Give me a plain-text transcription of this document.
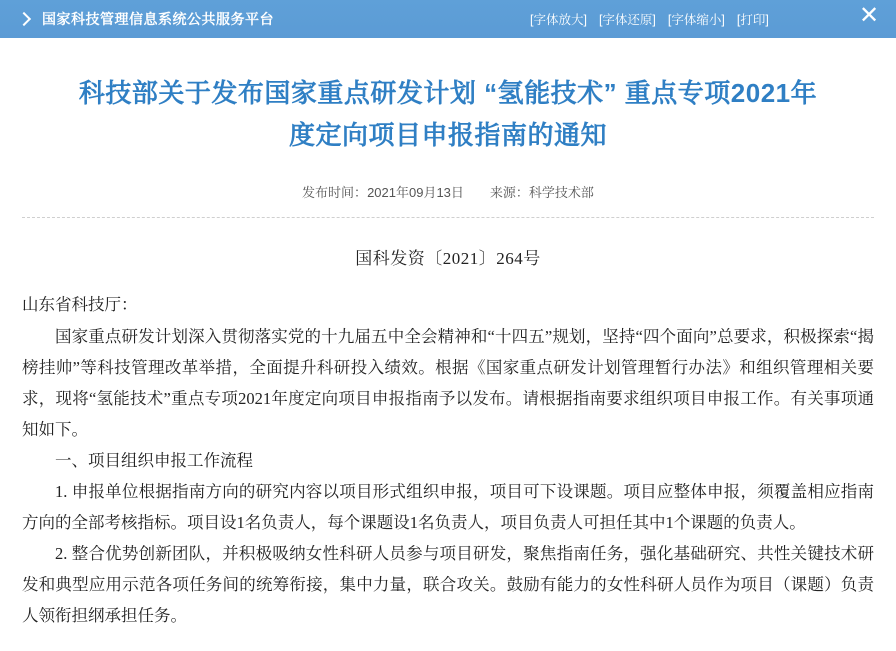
国家科技管理信息系统公共服务平台	[字体放大] [字体还原] [字体缩小] [打印]	✕
科技部关于发布国家重点研发计划 “氢能技术” 重点专项2021年度定向项目申报指南的通知
发布时间：2021年09月13日 来源：科学技术部
国科发资〔2021〕264号
山东省科技厅：
国家重点研发计划深入贯彻落实党的十九届五中全会精神和“十四五”规划，坚持“四个面向”总要求，积极探索“揭榜挂帅”等科技管理改革举措，全面提升科研投入绩效。根据《国家重点研发计划管理暂行办法》和组织管理相关要求，现将“氢能技术”重点专项2021年度定向项目申报指南予以发布。请根据指南要求组织项目申报工作。有关事项通知如下。
一、项目组织申报工作流程
1. 申报单位根据指南方向的研究内容以项目形式组织申报，项目可下设课题。项目应整体申报，须覆盖相应指南方向的全部考核指标。项目设1名负责人，每个课题设1名负责人，项目负责人可担任其中1个课题的负责人。
2. 整合优势创新团队，并积极吸纳女性科研人员参与项目研发，聚焦指南任务，强化基础研究、共性关键技术研发和典型应用示范各项任务间的统筹衔接，集中力量，联合攻关。鼓励有能力的女性科研人员作为项目（课题）负责人领衔担纲承担任务。
